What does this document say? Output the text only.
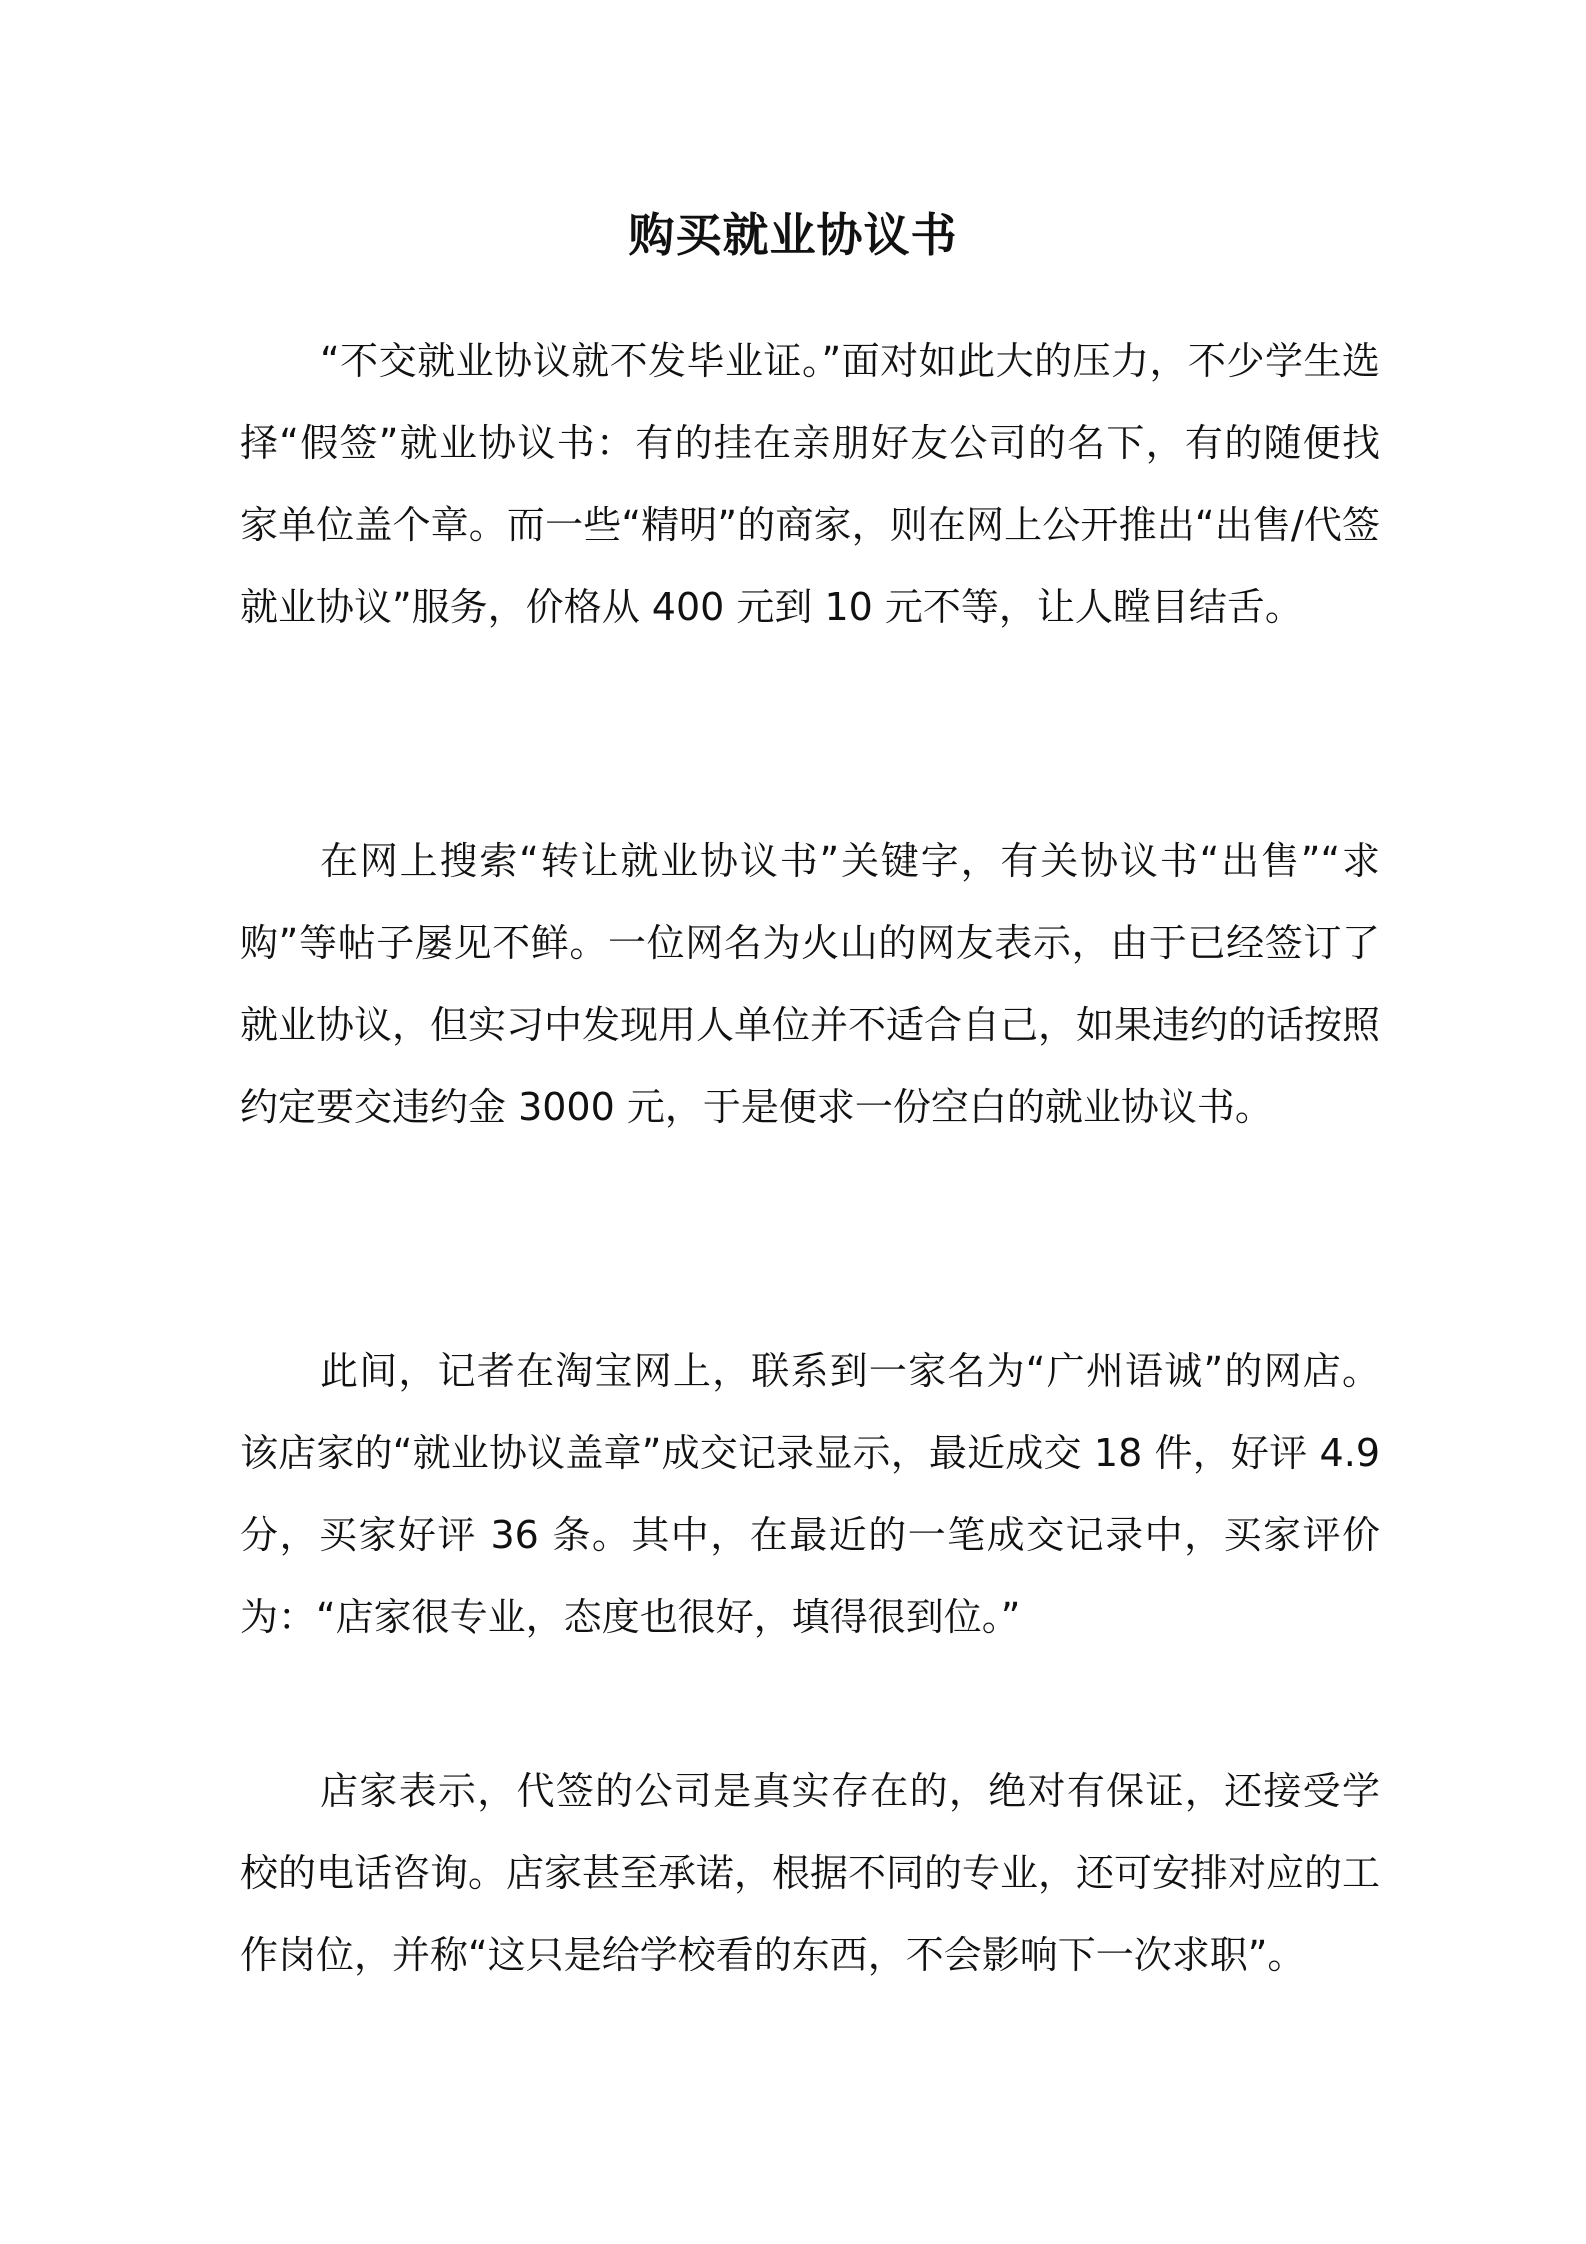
购买就业协议书

“不交就业协议就不发毕业证。”面对如此大的压力，不少学生选择“假签”就业协议书：有的挂在亲朋好友公司的名下，有的随便找家单位盖个章。而一些“精明”的商家，则在网上公开推出“出售/代签就业协议”服务，价格从 400 元到 10 元不等，让人瞠目结舌。

在网上搜索“转让就业协议书”关键字，有关协议书“出售”“求购”等帖子屡见不鲜。一位网名为火山的网友表示，由于已经签订了就业协议，但实习中发现用人单位并不适合自己，如果违约的话按照约定要交违约金 3000 元，于是便求一份空白的就业协议书。

此间，记者在淘宝网上，联系到一家名为“广州语诚”的网店。该店家的“就业协议盖章”成交记录显示，最近成交 18 件，好评 4.9 分，买家好评 36 条。其中，在最近的一笔成交记录中，买家评价为：“店家很专业，态度也很好，填得很到位。”

店家表示，代签的公司是真实存在的，绝对有保证，还接受学校的电话咨询。店家甚至承诺，根据不同的专业，还可安排对应的工作岗位，并称“这只是给学校看的东西，不会影响下一次求职”。
